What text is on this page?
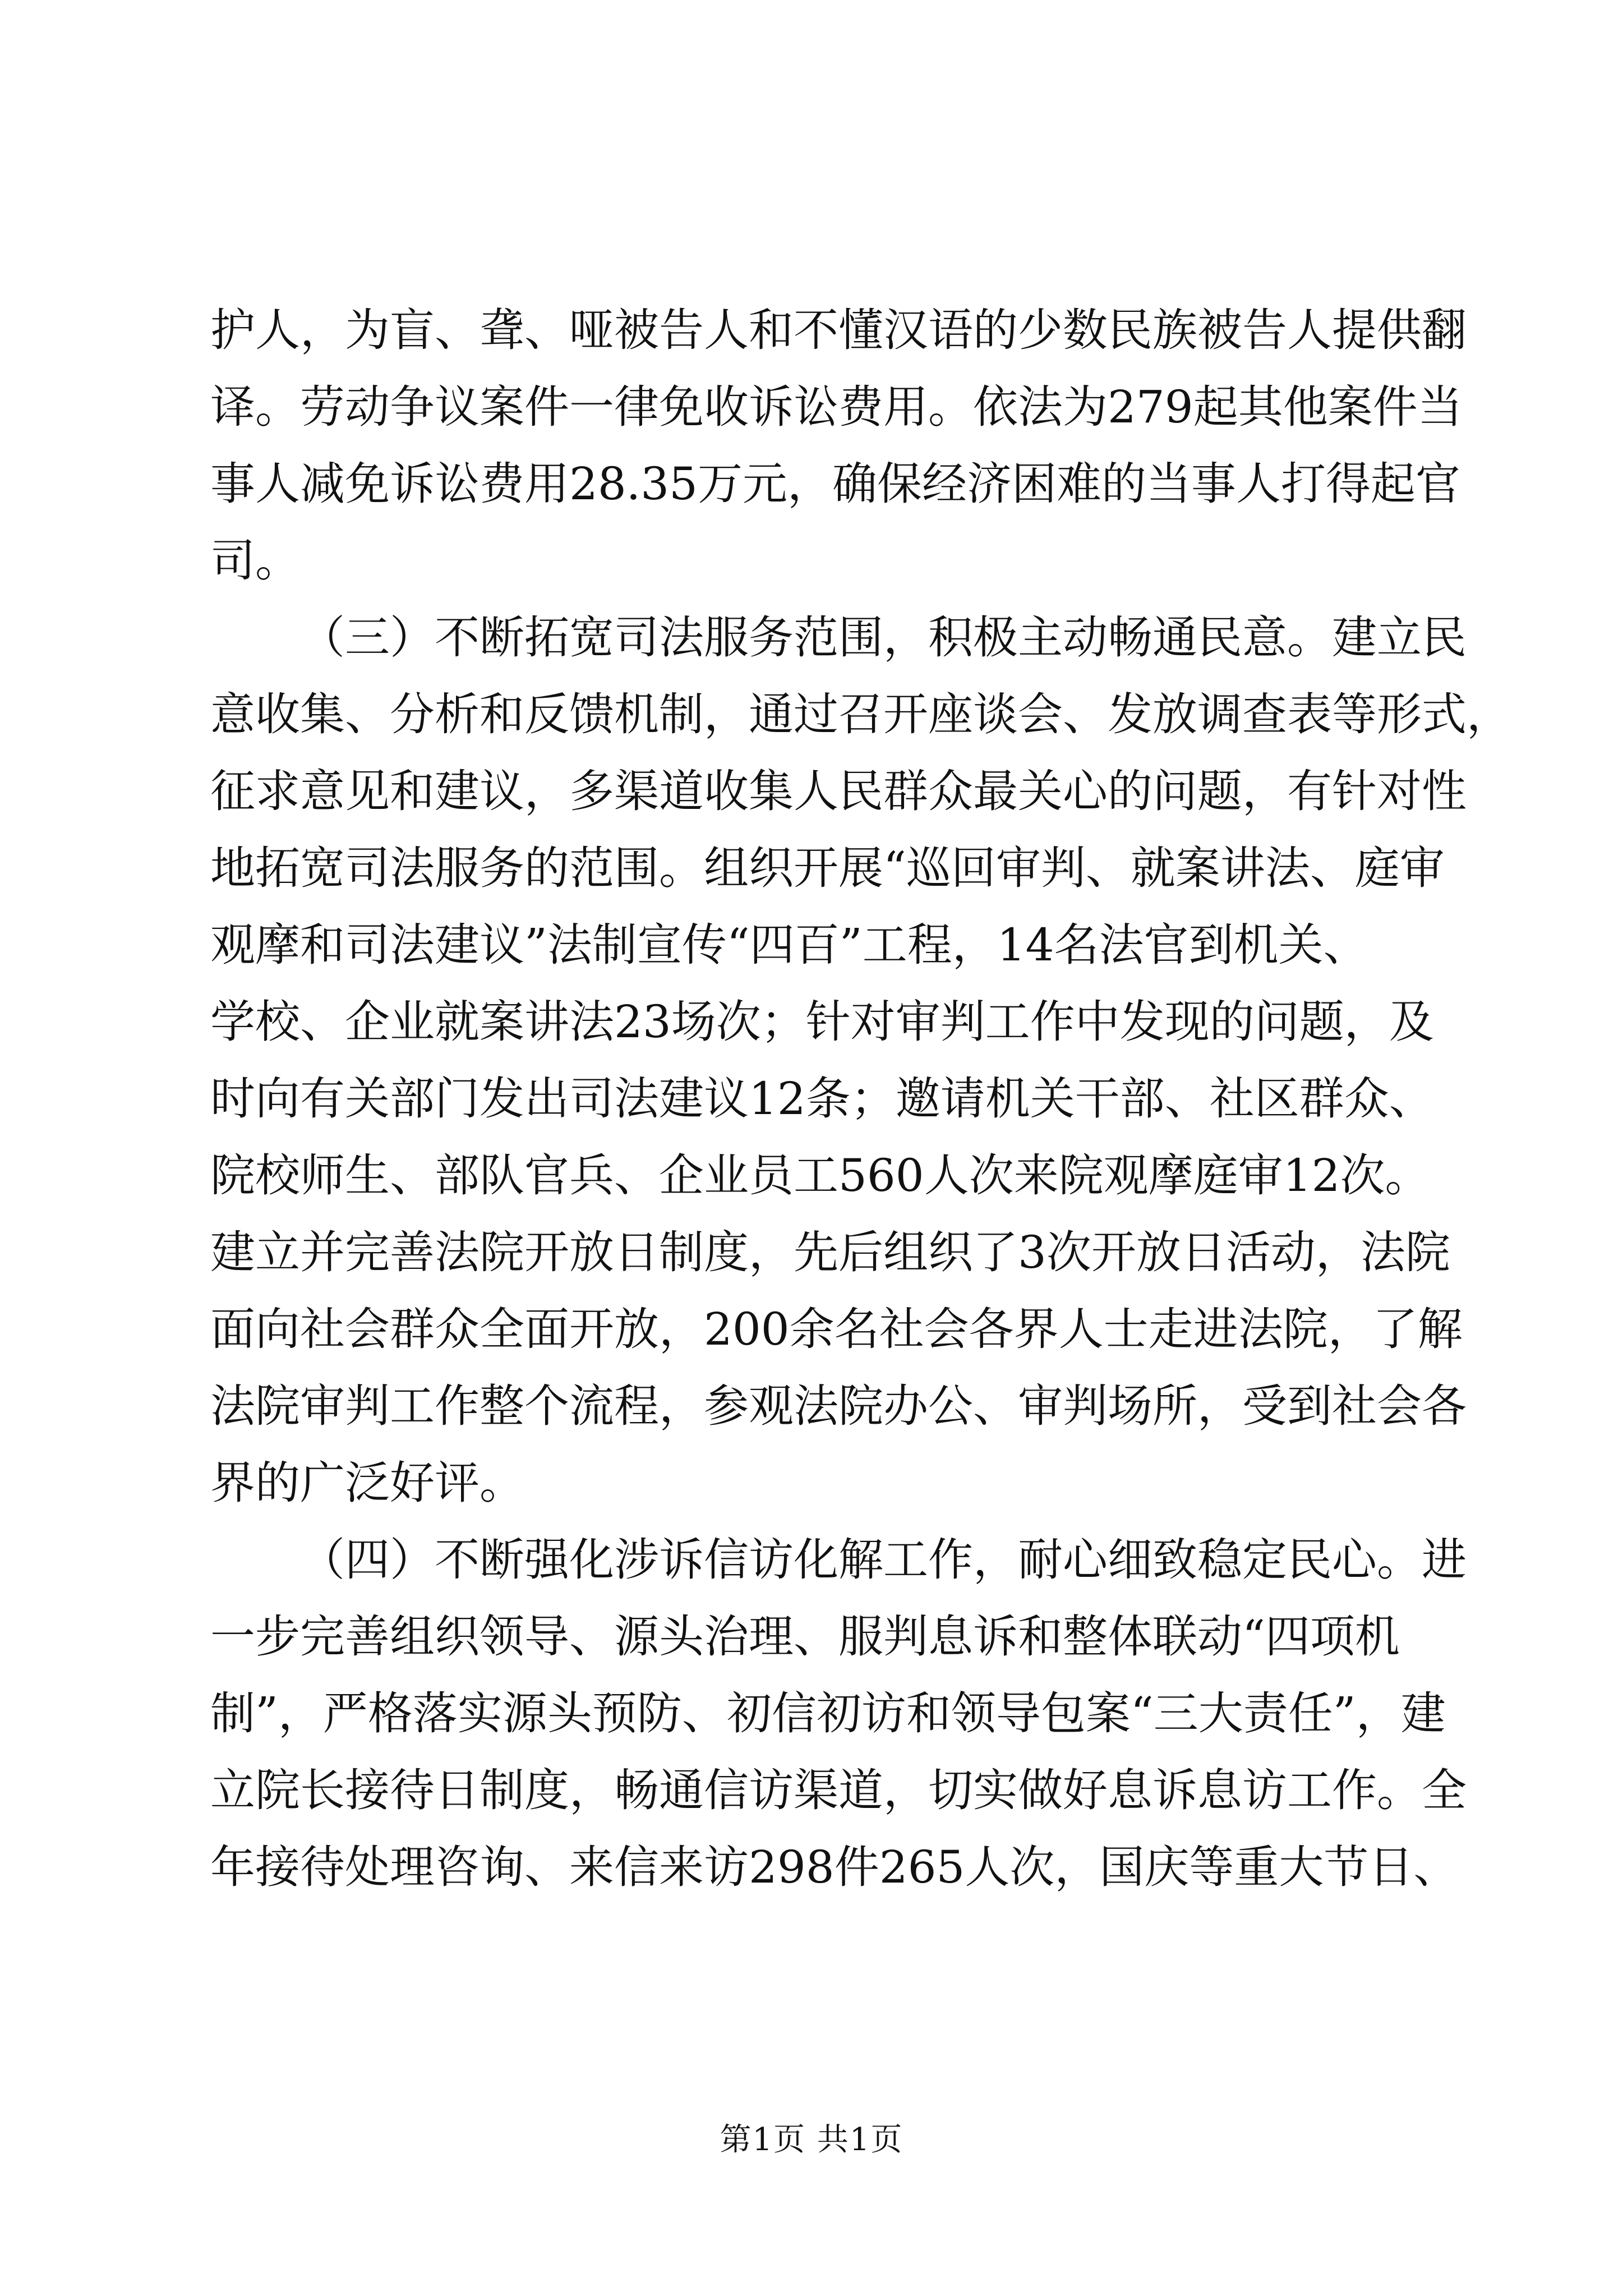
护人，为盲、聋、哑被告人和不懂汉语的少数民族被告人提供翻
译。劳动争议案件一律免收诉讼费用。依法为279起其他案件当
事人减免诉讼费用28.35万元，确保经济困难的当事人打得起官
司。
（三）不断拓宽司法服务范围，积极主动畅通民意。建立民
意收集、分析和反馈机制，通过召开座谈会、发放调查表等形式，
征求意见和建议，多渠道收集人民群众最关心的问题，有针对性
地拓宽司法服务的范围。组织开展“巡回审判、就案讲法、庭审
观摩和司法建议”法制宣传“四百”工程，14名法官到机关、
学校、企业就案讲法23场次；针对审判工作中发现的问题，及
时向有关部门发出司法建议12条；邀请机关干部、社区群众、
院校师生、部队官兵、企业员工560人次来院观摩庭审12次。
建立并完善法院开放日制度，先后组织了3次开放日活动，法院
面向社会群众全面开放，200余名社会各界人士走进法院，了解
法院审判工作整个流程，参观法院办公、审判场所，受到社会各
界的广泛好评。
（四）不断强化涉诉信访化解工作，耐心细致稳定民心。进
一步完善组织领导、源头治理、服判息诉和整体联动“四项机
制”，严格落实源头预防、初信初访和领导包案“三大责任”，建
立院长接待日制度，畅通信访渠道，切实做好息诉息访工作。全
年接待处理咨询、来信来访298件265人次，国庆等重大节日、
第1页 共1页
